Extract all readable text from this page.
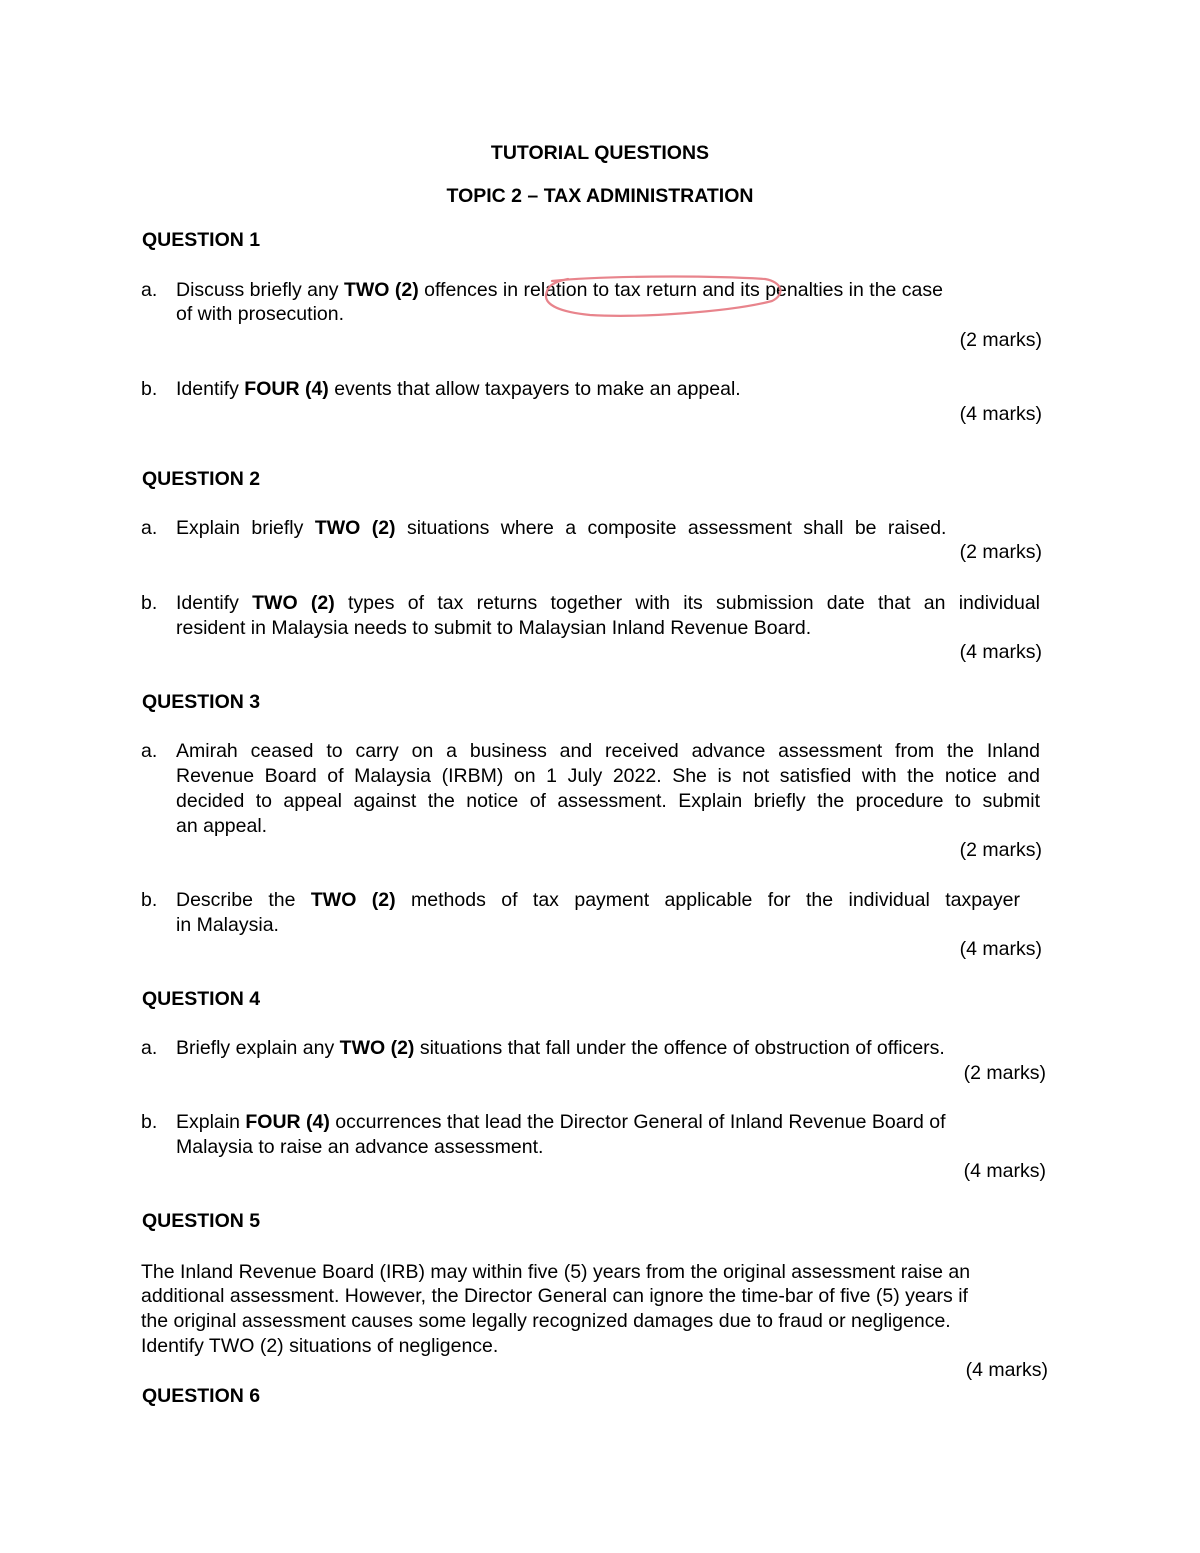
TUTORIAL QUESTIONS
TOPIC 2 – TAX ADMINISTRATION
QUESTION 1
a. Discuss briefly any TWO (2) offences in relation to tax return and its penalties in the case
of with prosecution.
(2 marks)
b. Identify FOUR (4) events that allow taxpayers to make an appeal.
(4 marks)
QUESTION 2
a. Explain briefly TWO (2) situations where a composite assessment shall be raised.
(2 marks)
b. Identify TWO (2) types of tax returns together with its submission date that an individual
resident in Malaysia needs to submit to Malaysian Inland Revenue Board.
(4 marks)
QUESTION 3
a. Amirah ceased to carry on a business and received advance assessment from the Inland
Revenue Board of Malaysia (IRBM) on 1 July 2022. She is not satisfied with the notice and
decided to appeal against the notice of assessment. Explain briefly the procedure to submit
an appeal.
(2 marks)
b. Describe the TWO (2) methods of tax payment applicable for the individual taxpayer
in Malaysia.
(4 marks)
QUESTION 4
a. Briefly explain any TWO (2) situations that fall under the offence of obstruction of officers.
(2 marks)
b. Explain FOUR (4) occurrences that lead the Director General of Inland Revenue Board of
Malaysia to raise an advance assessment.
(4 marks)
QUESTION 5
The Inland Revenue Board (IRB) may within five (5) years from the original assessment raise an
additional assessment. However, the Director General can ignore the time-bar of five (5) years if
the original assessment causes some legally recognized damages due to fraud or negligence.
Identify TWO (2) situations of negligence.
(4 marks)
QUESTION 6
